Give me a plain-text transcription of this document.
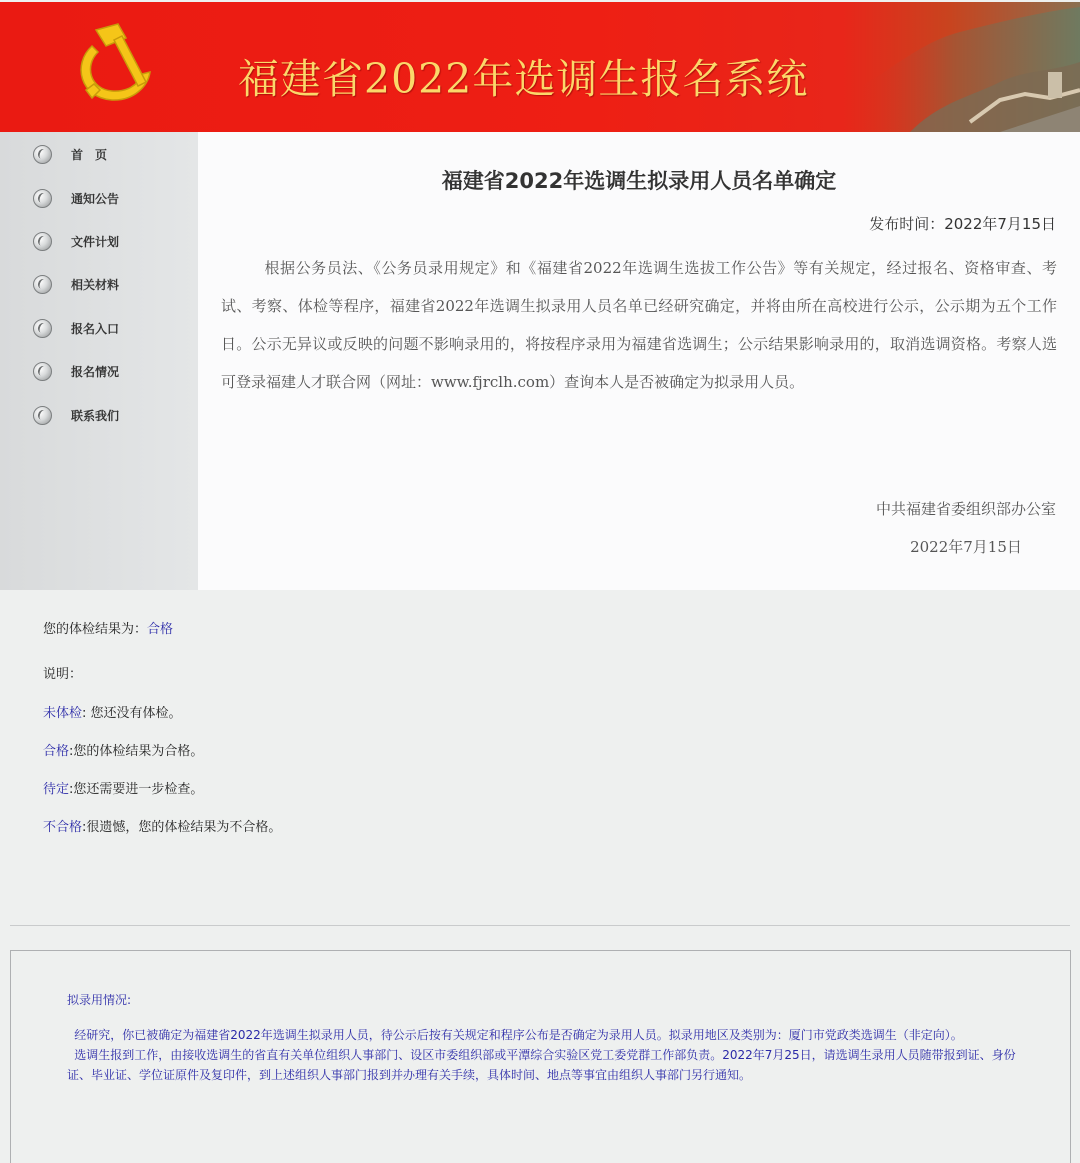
福建省2022年选调生报名系统
首　页
通知公告
文件计划
相关材料
报名入口
报名情况
联系我们
福建省2022年选调生拟录用人员名单确定
发布时间：2022年7月15日

根据公务员法、《公务员录用规定》和《福建省2022年选调生选拔工作公告》等有关规定，经过报名、资格审查、考试、考察、体检等程序，福建省2022年选调生拟录用人员名单已经研究确定，并将由所在高校进行公示，公示期为五个工作日。公示无异议或反映的问题不影响录用的，将按程序录用为福建省选调生；公示结果影响录用的，取消选调资格。考察人选可登录福建人才联合网（网址：www.fjrclh.com）查询本人是否被确定为拟录用人员。

中共福建省委组织部办公室
2022年7月15日
您的体检结果为：合格
说明：
未体检: 您还没有体检。
合格:您的体检结果为合格。
待定:您还需要进一步检查。
不合格:很遗憾，您的体检结果为不合格。
拟录用情况:

经研究，你已被确定为福建省2022年选调生拟录用人员，待公示后按有关规定和程序公布是否确定为录用人员。拟录用地区及类别为：厦门市党政类选调生（非定向）。

选调生报到工作，由接收选调生的省直有关单位组织人事部门、设区市委组织部或平潭综合实验区党工委党群工作部负责。2022年7月25日，请选调生录用人员随带报到证、身份证、毕业证、学位证原件及复印件，到上述组织人事部门报到并办理有关手续，具体时间、地点等事宜由组织人事部门另行通知。
